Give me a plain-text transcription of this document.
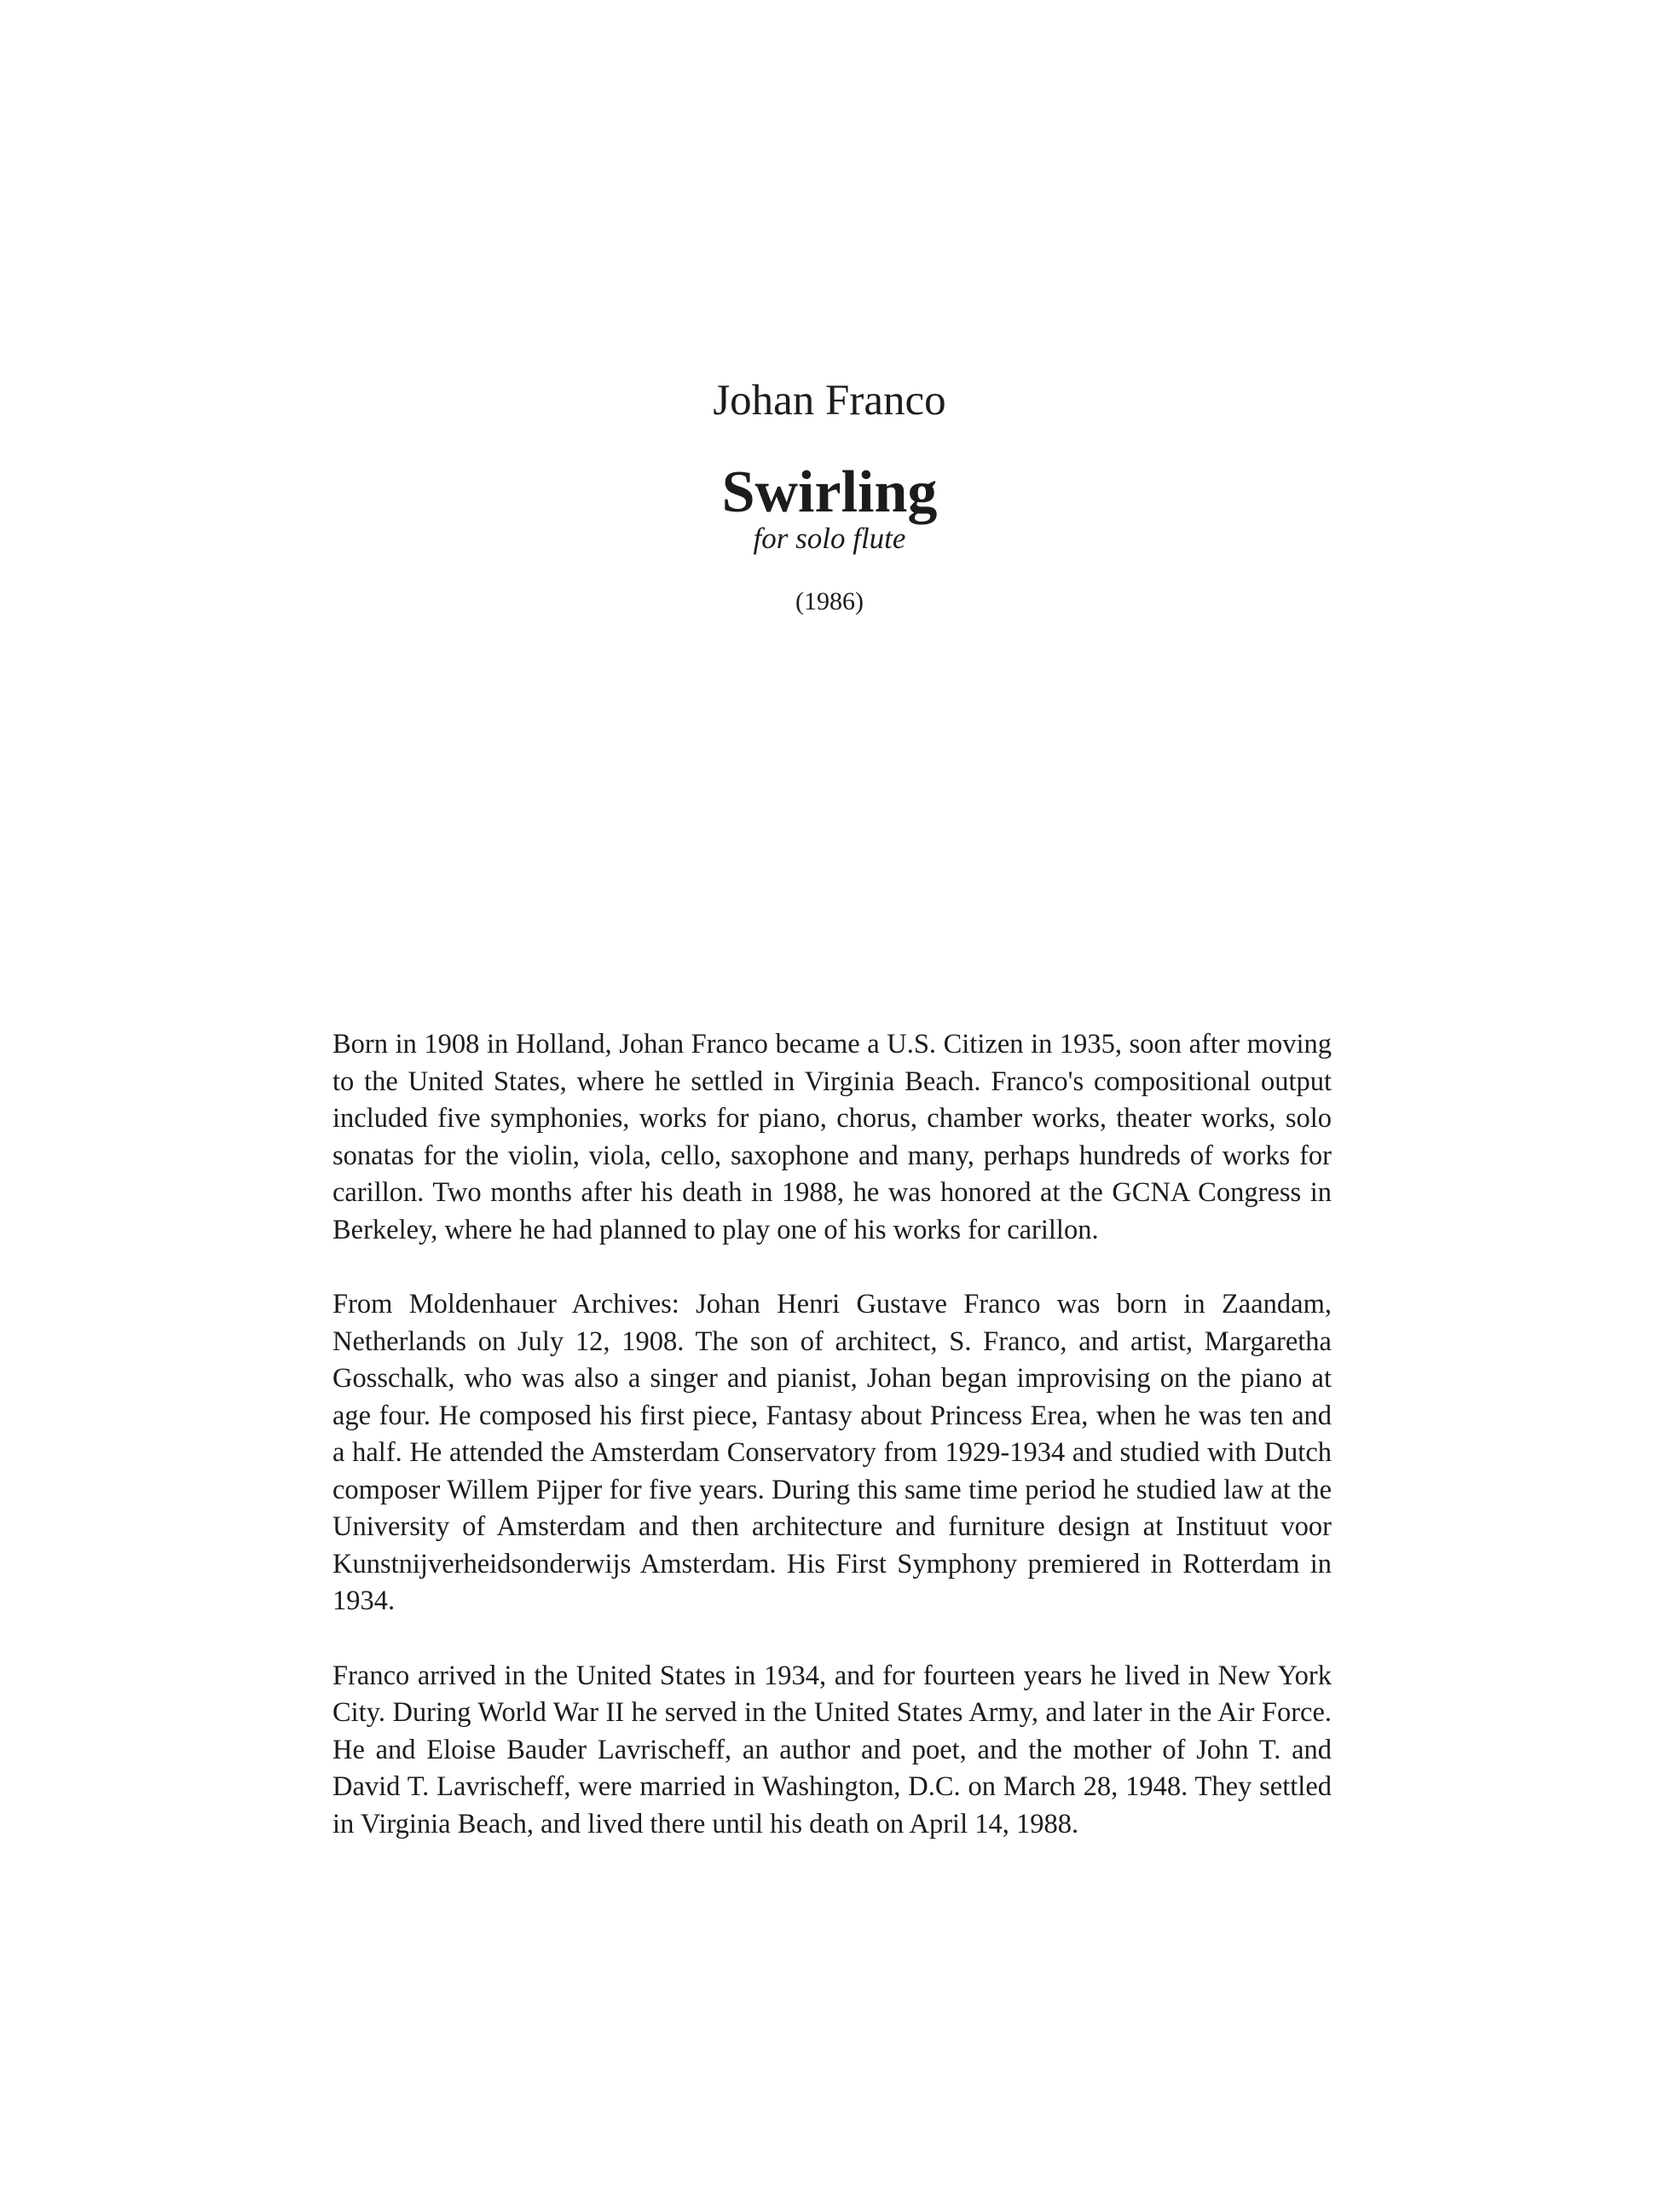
Johan Franco
Swirling
for solo flute
(1986)

Born in 1908 in Holland, Johan Franco became a U.S. Citizen in 1935, soon after moving to the United States, where he settled in Virginia Beach. Franco's compositional output included five symphonies, works for piano, chorus, chamber works, theater works, solo sonatas for the violin, viola, cello, saxophone and many, perhaps hundreds of works for carillon. Two months after his death in 1988, he was honored at the GCNA Congress in Berkeley, where he had planned to play one of his works for carillon.

From Moldenhauer Archives: Johan Henri Gustave Franco was born in Zaandam, Netherlands on July 12, 1908. The son of architect, S. Franco, and artist, Margaretha Gosschalk, who was also a singer and pianist, Johan began improvising on the piano at age four. He composed his first piece, Fantasy about Princess Erea, when he was ten and a half. He attended the Amsterdam Conservatory from 1929-1934 and studied with Dutch composer Willem Pijper for five years. During this same time period he studied law at the University of Amsterdam and then architecture and furniture design at Instituut voor Kunstnijverheidsonderwijs Amsterdam. His First Symphony premiered in Rotterdam in 1934.

Franco arrived in the United States in 1934, and for fourteen years he lived in New York City. During World War II he served in the United States Army, and later in the Air Force. He and Eloise Bauder Lavrischeff, an author and poet, and the mother of John T. and David T. Lavrischeff, were married in Washington, D.C. on March 28, 1948. They settled in Virginia Beach, and lived there until his death on April 14, 1988.
